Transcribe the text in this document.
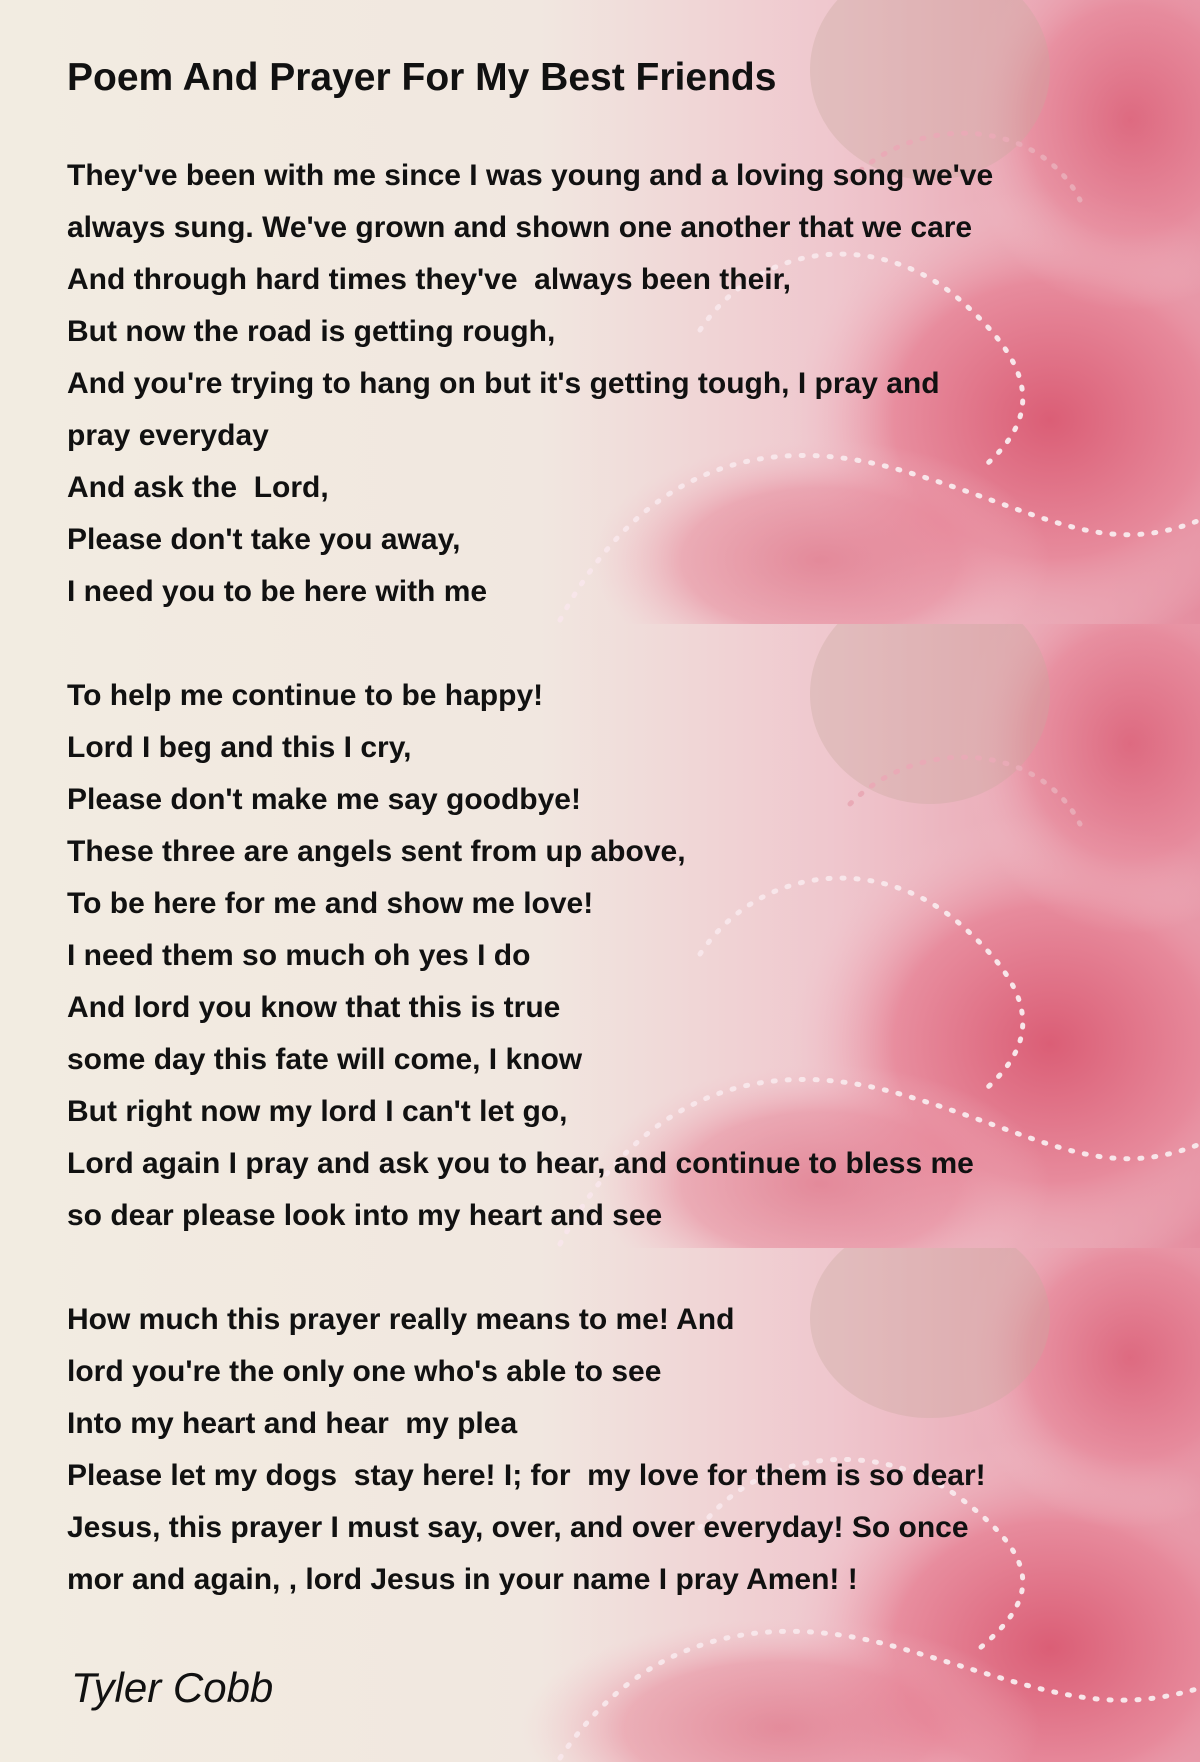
Poem And Prayer For My Best Friends
They've been with me since I was young and a loving song we've
always sung. We've grown and shown one another that we care
And through hard times they've  always been their,
But now the road is getting rough,
And you're trying to hang on but it's getting tough, I pray and
pray everyday
And ask the  Lord,
Please don't take you away,
I need you to be here with me
To help me continue to be happy!
Lord I beg and this I cry,
Please don't make me say goodbye!
These three are angels sent from up above,
To be here for me and show me love!
I need them so much oh yes I do
And lord you know that this is true
some day this fate will come, I know
But right now my lord I can't let go,
Lord again I pray and ask you to hear, and continue to bless me
so dear please look into my heart and see
How much this prayer really means to me! And
lord you're the only one who's able to see
Into my heart and hear  my plea
Please let my dogs  stay here! I; for  my love for them is so dear!
Jesus, this prayer I must say, over, and over everyday! So once
mor and again, , lord Jesus in your name I pray Amen! !
Tyler Cobb
